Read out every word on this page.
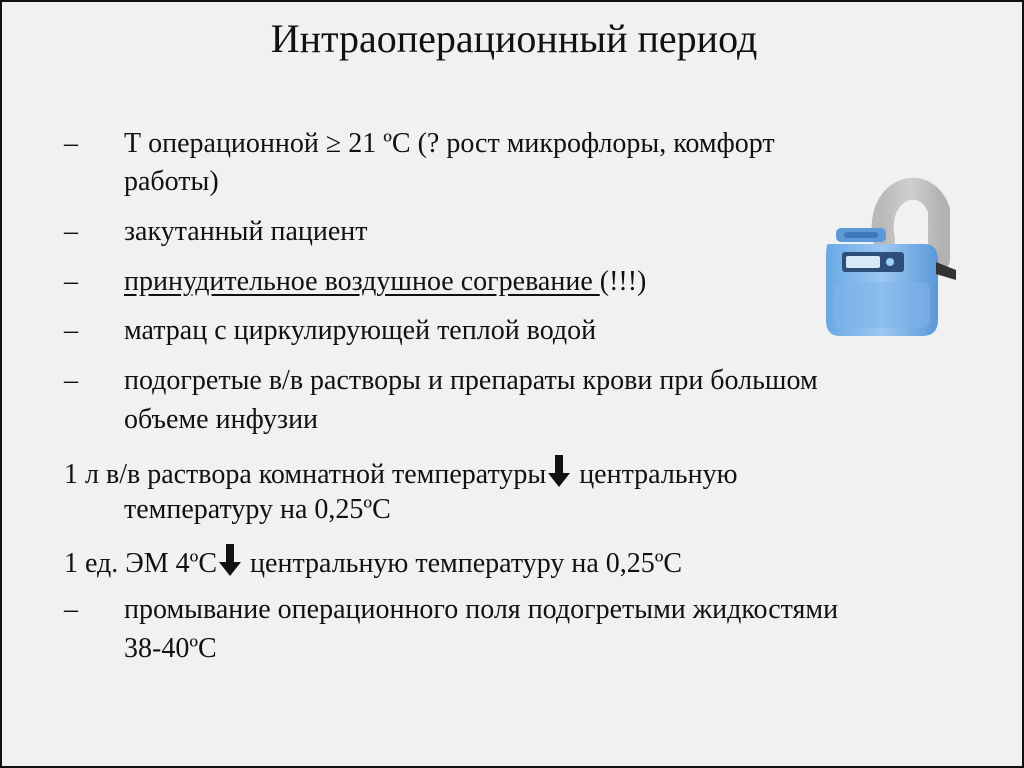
Интраоперационный период
– Т операционной ≥ 21 ºС (? рост микрофлоры, комфорт
работы)
– закутанный пациент
– принудительное воздушное согревание (!!!)
– матрац с циркулирующей теплой водой
– подогретые в/в растворы и препараты крови при большом
объеме инфузии
1 л в/в раствора комнатной температуры центральную
температуру на 0,25ºС
1 ед. ЭМ 4ºС центральную температуру на 0,25ºС
– промывание операционного поля подогретыми жидкостями
38-40ºС
